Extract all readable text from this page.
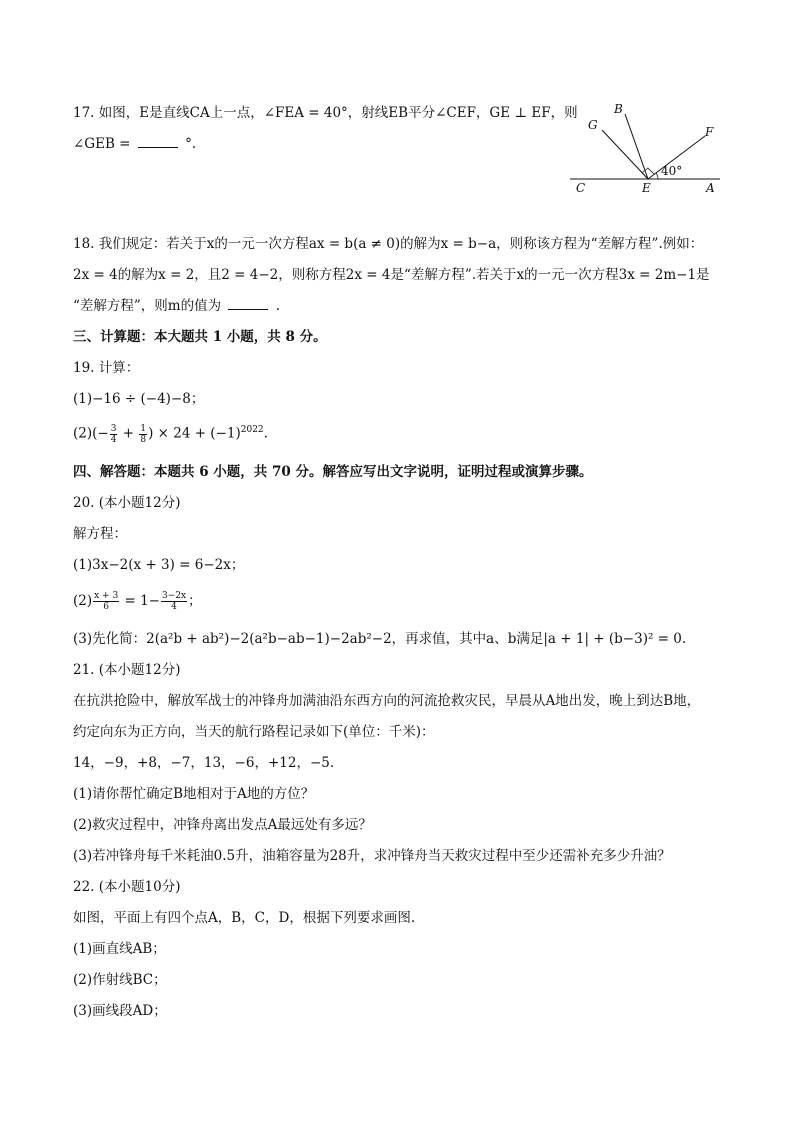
17. 如图，E是直线CA上一点，∠FEA = 40°，射线EB平分∠CEF，GE ⊥ EF，则
∠GEB =	°.
G
B
F
40°
C	E	A
18. 我们规定：若关于x的一元一次方程ax = b(a ≠ 0)的解为x = b−a，则称该方程为“差解方程”.例如：
2x = 4的解为x = 2，且2 = 4−2，则称方程2x = 4是“差解方程”.若关于x的一元一次方程3x = 2m−1是
“差解方程”，则m的值为	.
三、计算题：本大题共 1 小题，共 8 分。
19. 计算：
(1)−16 ÷ (−4)−8；
$(2)(- \frac{3}{4} + \frac{1}{8}$ ) × $24 + (-1)^{2022}$.
四、解答题：本题共 6 小题，共 70 分。解答应写出文字说明，证明过程或演算步骤。
20. (本小题12分)
解方程：
(1)3x−2(x + 3) = 6−2x；
$(2) \frac{x + 3}{6} = 1- \frac{3-2x}{4}$ ；
(3)先化简：2(a²b + ab²)−2(a²b−ab−1)−2ab²−2，再求值，其中a、b满足|a + 1| + (b−3)² = 0.
21. (本小题12分)
在抗洪抢险中，解放军战士的冲锋舟加满油沿东西方向的河流抢救灾民，早晨从A地出发，晚上到达B地，
约定向东为正方向，当天的航行路程记录如下(单位：千米)：
14，−9，+8，−7，13，−6，+12，−5.
(1)请你帮忙确定B地相对于A地的方位？
(2)救灾过程中，冲锋舟离出发点A最远处有多远？
(3)若冲锋舟每千米耗油0.5升，油箱容量为28升，求冲锋舟当天救灾过程中至少还需补充多少升油？
22. (本小题10分)
如图，平面上有四个点A，B，C，D，根据下列要求画图.
(1)画直线AB；
(2)作射线BC；
(3)画线段AD；
